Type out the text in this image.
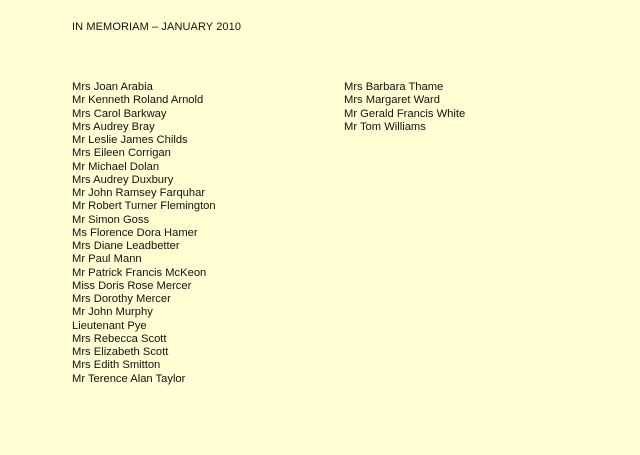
IN MEMORIAM – JANUARY 2010
Mrs Joan Arabia
Mr Kenneth Roland Arnold
Mrs Carol Barkway
Mrs Audrey Bray
Mr Leslie James Childs
Mrs Eileen Corrigan
Mr Michael Dolan
Mrs Audrey Duxbury
Mr John Ramsey Farquhar
Mr Robert Turner Flemington
Mr Simon Goss
Ms Florence Dora Hamer
Mrs Diane Leadbetter
Mr Paul Mann
Mr Patrick Francis McKeon
Miss Doris Rose Mercer
Mrs Dorothy Mercer
Mr John Murphy
Lieutenant Pye
Mrs Rebecca Scott
Mrs Elizabeth Scott
Mrs Edith Smitton
Mr Terence Alan Taylor
Mrs Barbara Thame
Mrs Margaret Ward
Mr Gerald Francis White
Mr Tom Williams
